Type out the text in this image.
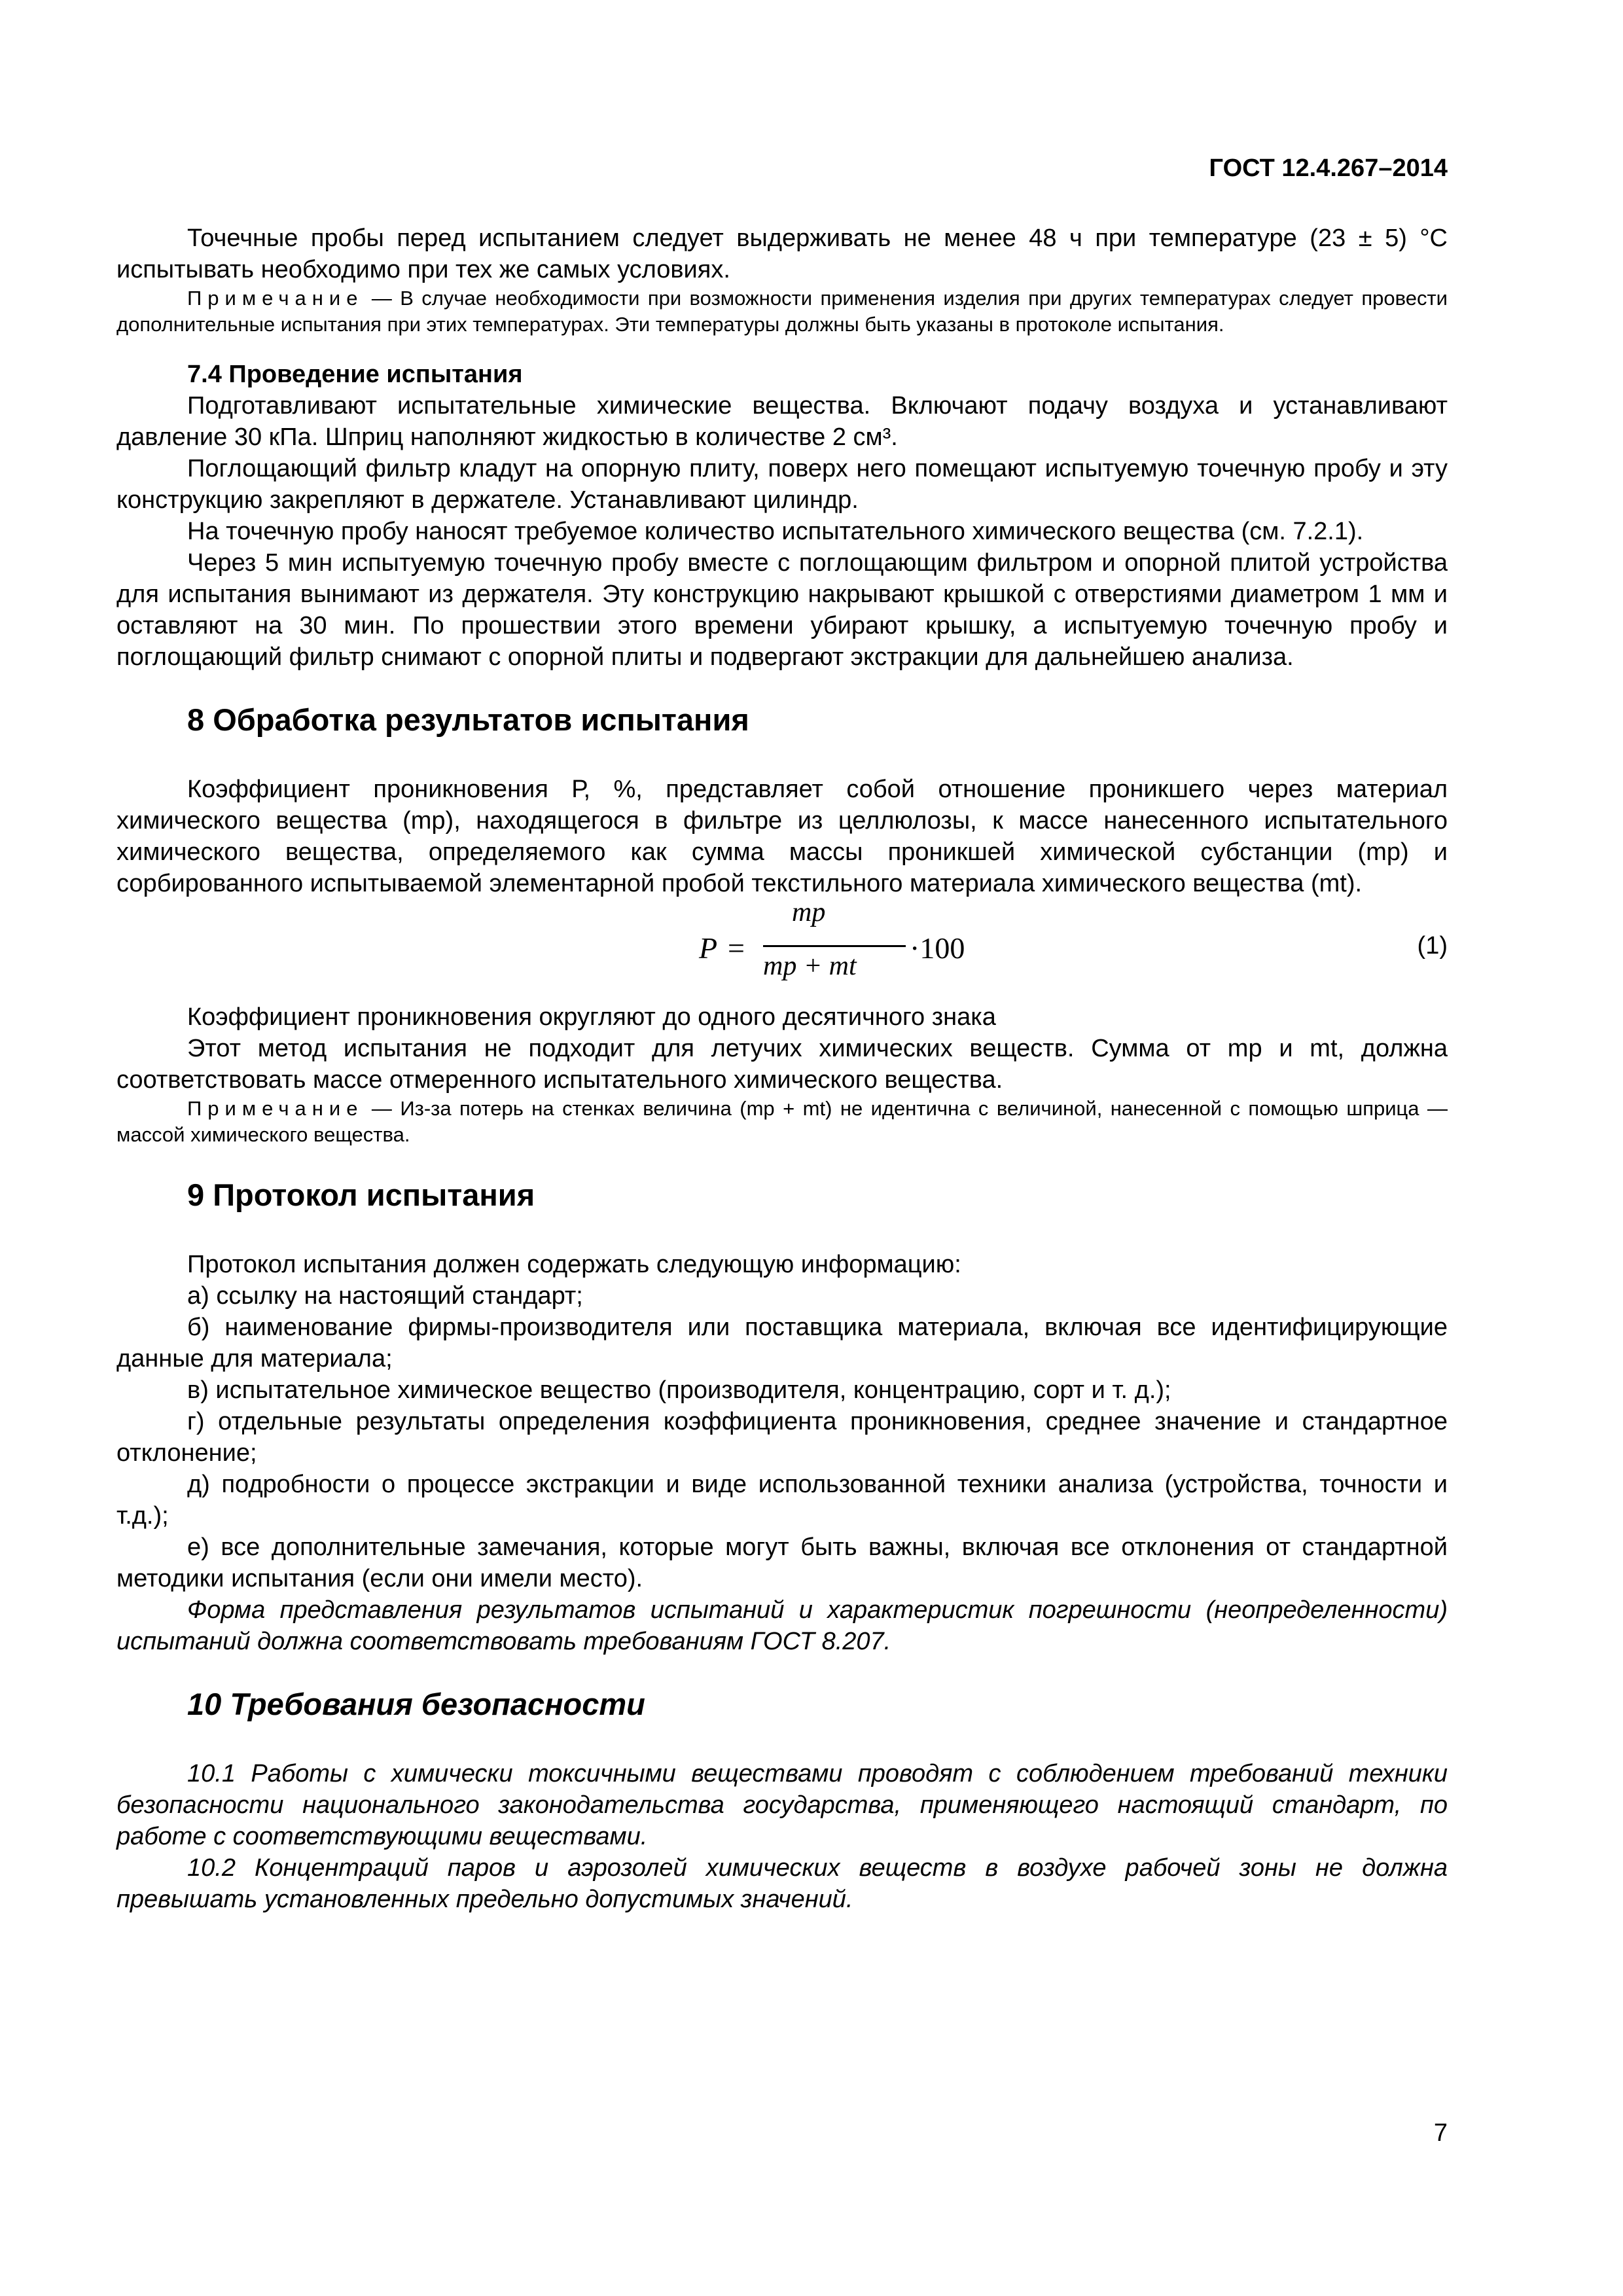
ГОСТ 12.4.267–2014

Точечные пробы перед испытанием следует выдерживать не менее 48 ч при температуре (23 ± 5) °С испытывать необходимо при тех же самых условиях.

Примечание — В случае необходимости при возможности применения изделия при других температурах следует провести дополнительные испытания при этих температурах. Эти температуры должны быть указаны в протоколе испытания.

7.4 Проведение испытания

Подготавливают испытательные химические вещества. Включают подачу воздуха и устанавливают давление 30 кПа. Шприц наполняют жидкостью в количестве 2 см³.

Поглощающий фильтр кладут на опорную плиту, поверх него помещают испытуемую точечную пробу и эту конструкцию закрепляют в держателе. Устанавливают цилиндр.

На точечную пробу наносят требуемое количество испытательного химического вещества (см. 7.2.1).

Через 5 мин испытуемую точечную пробу вместе с поглощающим фильтром и опорной плитой устройства для испытания вынимают из держателя. Эту конструкцию накрывают крышкой с отверстиями диаметром 1 мм и оставляют на 30 мин. По прошествии этого времени убирают крышку, а испытуемую точечную пробу и поглощающий фильтр снимают с опорной плиты и подвергают экстракции для дальнейшею анализа.

8 Обработка результатов испытания

Коэффициент проникновения Р, %, представляет собой отношение проникшего через материал химического вещества (mp), находящегося в фильтре из целлюлозы, к массе нанесенного испытательного химического вещества, определяемого как сумма массы проникшей химической субстанции (mp) и сорбированного испытываемой элементарной пробой текстильного материала химического вещества (mt).

P =
mp
mp + mt
·100	(1)

Коэффициент проникновения округляют до одного десятичного знака

Этот метод испытания не подходит для летучих химических веществ. Сумма от mp и mt, должна соответствовать массе отмеренного испытательного химического вещества.

Примечание — Из-за потерь на стенках величина (mp + mt) не идентична с величиной, нанесенной с помощью шприца — массой химического вещества.

9 Протокол испытания

Протокол испытания должен содержать следующую информацию:

а) ссылку на настоящий стандарт;

б) наименование фирмы-производителя или поставщика материала, включая все идентифицирующие данные для материала;

в) испытательное химическое вещество (производителя, концентрацию, сорт и т. д.);

г) отдельные результаты определения коэффициента проникновения, среднее значение и стандартное отклонение;

д) подробности о процессе экстракции и виде использованной техники анализа (устройства, точности и т.д.);

е) все дополнительные замечания, которые могут быть важны, включая все отклонения от стандартной методики испытания (если они имели место).

Форма представления результатов испытаний и характеристик погрешности (неопределенности) испытаний должна соответствовать требованиям ГОСТ 8.207.

10 Требования безопасности

10.1 Работы с химически токсичными веществами проводят с соблюдением требований техники безопасности национального законодательства государства, применяющего настоящий стандарт, по работе с соответствующими веществами.

10.2 Концентраций паров и аэрозолей химических веществ в воздухе рабочей зоны не должна превышать установленных предельно допустимых значений.

7
